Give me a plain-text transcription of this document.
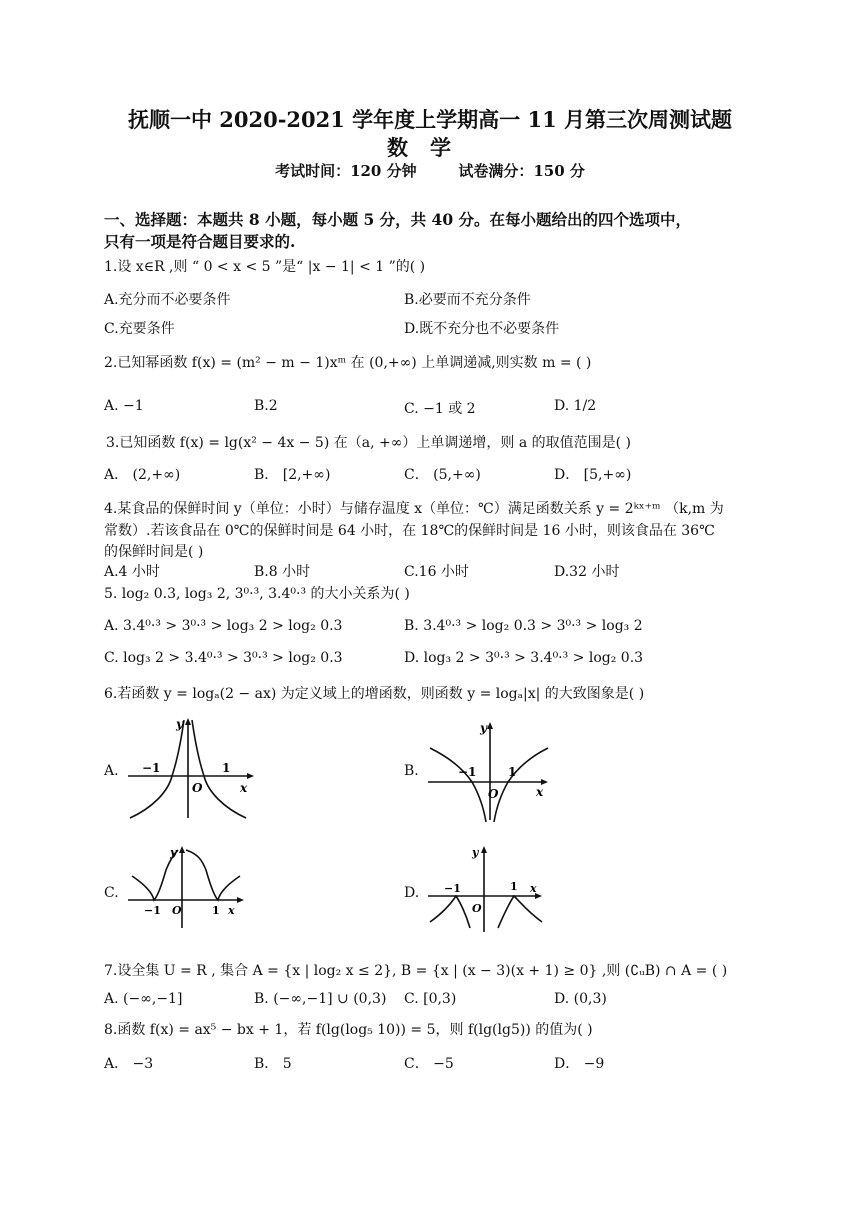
抚顺一中 2020-2021 学年度上学期高一 11 月第三次周测试题
数学
考试时间：120 分钟        试卷满分：150 分
一、选择题：本题共 8 小题，每小题 5 分，共 40 分。在每小题给出的四个选项中，
只有一项是符合题目要求的.
1.设 x∈R ,则 “ 0 < x < 5 ”是“ |x − 1| < 1 ”的( )
A.充分而不必要条件	B.必要而不充分条件
C.充要条件	D.既不充分也不必要条件
2.已知幂函数 f(x) = (m² − m − 1)xᵐ 在 (0,+∞) 上单调递减,则实数 m = ( )
A. −1	B.2	C. −1 或 2	D. 1/2
3.已知函数 f(x) = lg(x² − 4x − 5) 在（a, +∞）上单调递增，则 a 的取值范围是( )
A． (2,+∞)	B． [2,+∞)	C． (5,+∞)	D． [5,+∞)
4.某食品的保鲜时间 y（单位：小时）与储存温度 x（单位：℃）满足函数关系 y = 2ᵏˣ⁺ᵐ （k,m 为
常数）.若该食品在 0℃的保鲜时间是 64 小时，在 18℃的保鲜时间是 16 小时，则该食品在 36℃
的保鲜时间是( )
A.4 小时	B.8 小时	C.16 小时	D.32 小时
5. log₂ 0.3, log₃ 2, 3⁰·³, 3.4⁰·³ 的大小关系为( )
A. 3.4⁰·³ > 3⁰·³ > log₃ 2 > log₂ 0.3	B. 3.4⁰·³ > log₂ 0.3 > 3⁰·³ > log₃ 2
C. log₃ 2 > 3.4⁰·³ > 3⁰·³ > log₂ 0.3	D. log₃ 2 > 3⁰·³ > 3.4⁰·³ > log₂ 0.3
6.若函数 y = logₐ(2 − ax) 为定义域上的增函数，则函数 y = logₐ|x| 的大致图象是( )
A.	B.
C.	D.
y
−1	1
O	x
y
−1	1
O	x
y
−1 O	1 x
y
−1	1
O
x
7.设全集 U = R , 集合 A = {x | log₂ x ≤ 2}, B = {x | (x − 3)(x + 1) ≥ 0} ,则 (∁ᵤB) ∩ A = ( )
A. (−∞,−1]	B. (−∞,−1] ∪ (0,3) C. [0,3)	D. (0,3)
8.函数 f(x) = ax⁵ − bx + 1，若 f(lg(log₅ 10)) = 5，则 f(lg(lg5)) 的值为( )
A． −3	B． 5	C． −5	D． −9
